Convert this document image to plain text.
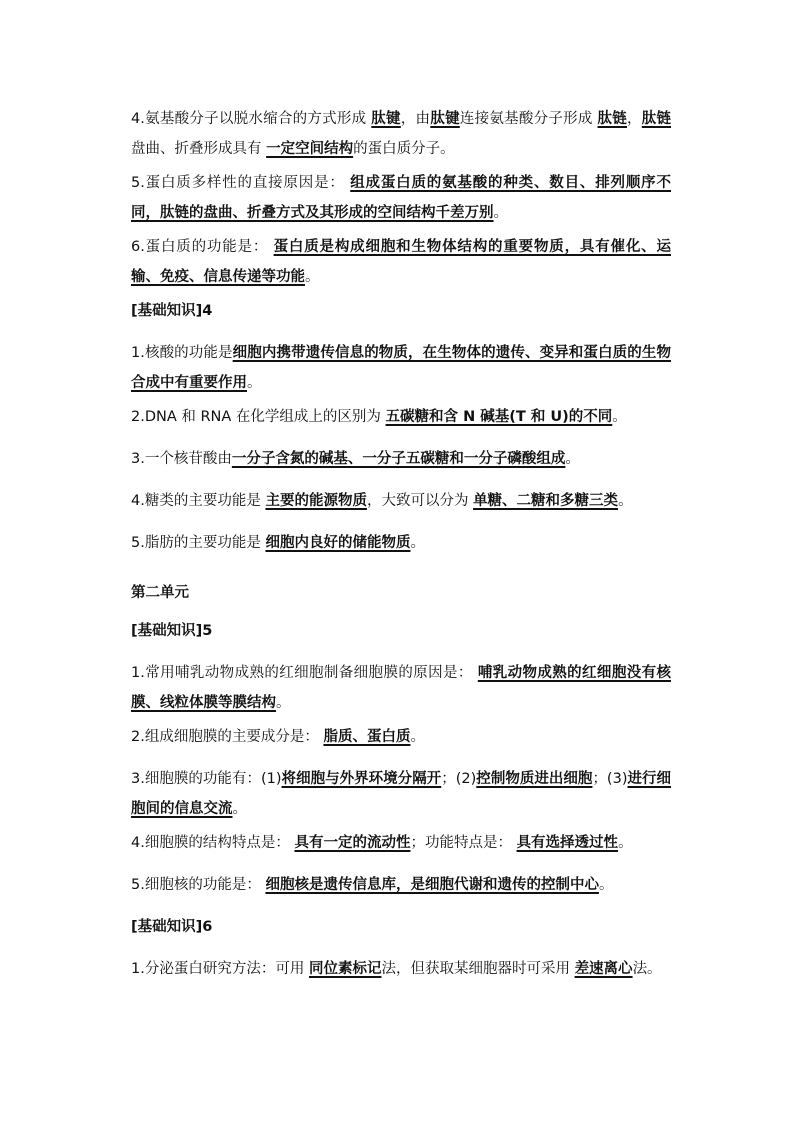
4.氨基酸分子以脱水缩合的方式形成 肽键，由肽键连接氨基酸分子形成 肽链，肽链盘曲、折叠形成具有 一定空间结构的蛋白质分子。

5.蛋白质多样性的直接原因是： 组成蛋白质的氨基酸的种类、数目、排列顺序不同，肽链的盘曲、折叠方式及其形成的空间结构千差万别。

6.蛋白质的功能是： 蛋白质是构成细胞和生物体结构的重要物质，具有催化、运输、免疫、信息传递等功能。

[基础知识]4

1.核酸的功能是细胞内携带遗传信息的物质，在生物体的遗传、变异和蛋白质的生物合成中有重要作用。

2.DNA 和 RNA 在化学组成上的区别为 五碳糖和含 N 碱基(T 和 U)的不同。

3.一个核苷酸由一分子含氮的碱基、一分子五碳糖和一分子磷酸组成。

4.糖类的主要功能是 主要的能源物质，大致可以分为 单糖、二糖和多糖三类。

5.脂肪的主要功能是 细胞内良好的储能物质。

第二单元

[基础知识]5

1.常用哺乳动物成熟的红细胞制备细胞膜的原因是： 哺乳动物成熟的红细胞没有核膜、线粒体膜等膜结构。

2.组成细胞膜的主要成分是： 脂质、蛋白质。

3.细胞膜的功能有：(1)将细胞与外界环境分隔开；(2)控制物质进出细胞；(3)进行细胞间的信息交流。

4.细胞膜的结构特点是： 具有一定的流动性；功能特点是： 具有选择透过性。

5.细胞核的功能是： 细胞核是遗传信息库，是细胞代谢和遗传的控制中心。

[基础知识]6

1.分泌蛋白研究方法：可用 同位素标记法，但获取某细胞器时可采用 差速离心法。
